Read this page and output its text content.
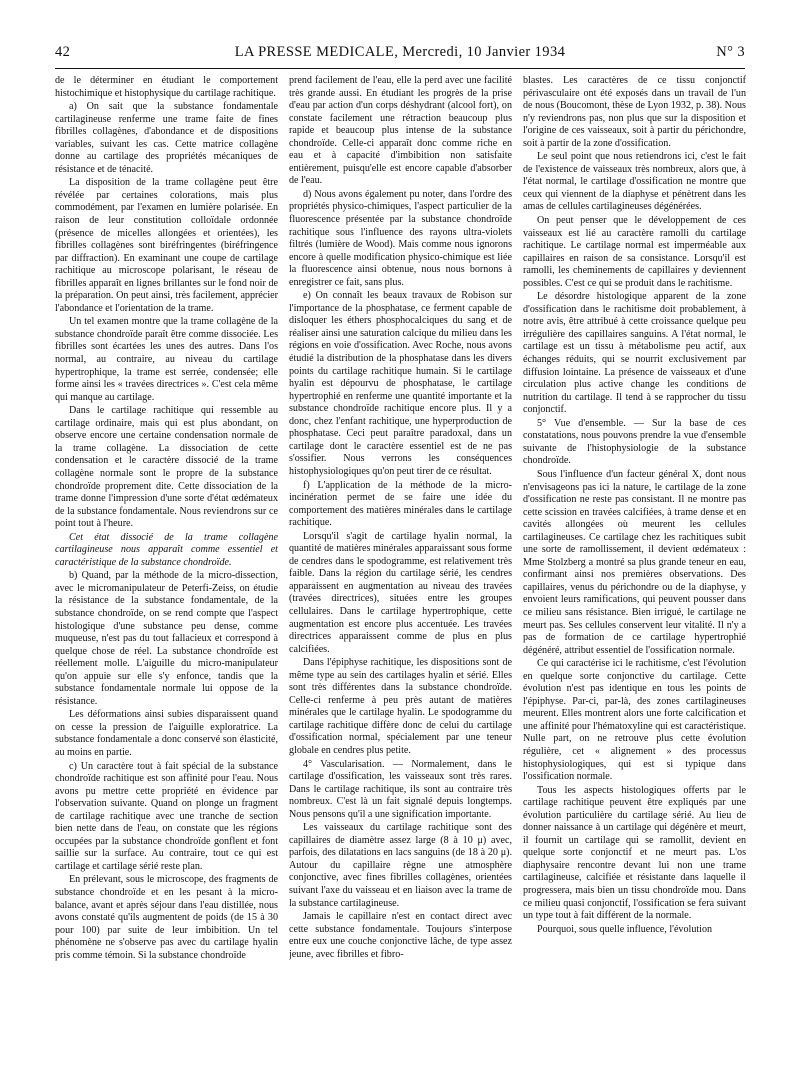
42	LA PRESSE MEDICALE, Mercredi, 10 Janvier 1934	N° 3

de le déterminer en étudiant le comportement histochimique et histophysique du cartilage rachitique.

a) On sait que la substance fondamentale cartilagineuse renferme une trame faite de fines fibrilles collagènes, d'abondance et de dispositions variables, suivant les cas. Cette matrice collagène donne au cartilage des propriétés mécaniques de résistance et de ténacité.

La disposition de la trame collagène peut être révélée par certaines colorations, mais plus commodément, par l'examen en lumière polarisée. En raison de leur constitution colloïdale ordonnée (présence de micelles allongées et orientées), les fibrilles collagènes sont biréfringentes (biréfringence par diffraction). En examinant une coupe de cartilage rachitique au microscope polarisant, le réseau de fibrilles apparaît en lignes brillantes sur le fond noir de la préparation. On peut ainsi, très facilement, apprécier l'abondance et l'orientation de la trame.

Un tel examen montre que la trame collagène de la substance chondroïde paraît être comme dissociée. Les fibrilles sont écartées les unes des autres. Dans l'os normal, au contraire, au niveau du cartilage hypertrophique, la trame est serrée, condensée; elle forme ainsi les « travées directrices ». C'est cela même qui manque au cartilage.

Dans le cartilage rachitique qui ressemble au cartilage ordinaire, mais qui est plus abondant, on observe encore une certaine condensation normale de la trame collagène. La dissociation de cette condensation et le caractère dissocié de la trame collagène normale sont le propre de la substance chondroïde proprement dite. Cette dissociation de la trame donne l'impression d'une sorte d'état œdémateux de la substance fondamentale. Nous reviendrons sur ce point tout à l'heure.

Cet état dissocié de la trame collagène cartilagineuse nous apparaît comme essentiel et caractéristique de la substance chondroïde.

b) Quand, par la méthode de la micro-dissection, avec le micromanipulateur de Peterfi-Zeiss, on étudie la résistance de la substance fondamentale, de la substance chondroïde, on se rend compte que l'aspect histologique d'une substance peu dense, comme muqueuse, n'est pas du tout fallacieux et correspond à quelque chose de réel. La substance chondroïde est réellement molle. L'aiguille du micro-manipulateur qu'on appuie sur elle s'y enfonce, tandis que la substance fondamentale normale lui oppose de la résistance.

Les déformations ainsi subies disparaissent quand on cesse la pression de l'aiguille exploratrice. La substance fondamentale a donc conservé son élasticité, au moins en partie.

c) Un caractère tout à fait spécial de la substance chondroïde rachitique est son affinité pour l'eau. Nous avons pu mettre cette propriété en évidence par l'observation suivante. Quand on plonge un fragment de cartilage rachitique avec une tranche de section bien nette dans de l'eau, on constate que les régions occupées par la substance chondroïde gonflent et font saillie sur la surface. Au contraire, tout ce qui est cartilage et cartilage sérié reste plan.

En prélevant, sous le microscope, des fragments de substance chondroïde et en les pesant à la micro-balance, avant et après séjour dans l'eau distillée, nous avons constaté qu'ils augmentent de poids (de 15 à 30 pour 100) par suite de leur imbibition. Un tel phénomène ne s'observe pas avec du cartilage hyalin pris comme témoin. Si la substance chondroïde

prend facilement de l'eau, elle la perd avec une facilité très grande aussi. En étudiant les progrès de la prise d'eau par action d'un corps déshydrant (alcool fort), on constate facilement une rétraction beaucoup plus rapide et beaucoup plus intense de la substance chondroïde. Celle-ci apparaît donc comme riche en eau et à capacité d'imbibition non satisfaite entièrement, puisqu'elle est encore capable d'absorber de l'eau.

d) Nous avons également pu noter, dans l'ordre des propriétés physico-chimiques, l'aspect particulier de la fluorescence présentée par la substance chondroïde rachitique sous l'influence des rayons ultra-violets filtrés (lumière de Wood). Mais comme nous ignorons encore à quelle modification physico-chimique est liée la fluorescence ainsi obtenue, nous nous bornons à enregistrer ce fait, sans plus.

e) On connaît les beaux travaux de Robison sur l'importance de la phosphatase, ce ferment capable de disloquer les éthers phosphocalciques du sang et de réaliser ainsi une saturation calcique du milieu dans les régions en voie d'ossification. Avec Roche, nous avons étudié la distribution de la phosphatase dans les divers points du cartilage rachitique humain. Si le cartilage hyalin est dépourvu de phosphatase, le cartilage hypertrophié en renferme une quantité importante et la substance chondroïde rachitique encore plus. Il y a donc, chez l'enfant rachitique, une hyperproduction de phosphatase. Ceci peut paraître paradoxal, dans un cartilage dont le caractère essentiel est de ne pas s'ossifier. Nous verrons les conséquences histophysiologiques qu'on peut tirer de ce résultat.

f) L'application de la méthode de la micro-incinération permet de se faire une idée du comportement des matières minérales dans le cartilage rachitique.

Lorsqu'il s'agit de cartilage hyalin normal, la quantité de matières minérales apparaissant sous forme de cendres dans le spodogramme, est relativement très faible. Dans la région du cartilage sérié, les cendres apparaissent en augmentation au niveau des travées (travées directrices), situées entre les groupes cellulaires. Dans le cartilage hypertrophique, cette augmentation est encore plus accentuée. Les travées directrices apparaissent comme de plus en plus calcifiées.

Dans l'épiphyse rachitique, les dispositions sont de même type au sein des cartilages hyalin et sérié. Elles sont très différentes dans la substance chondroïde. Celle-ci renferme à peu près autant de matières minérales que le cartilage hyalin. Le spodogramme du cartilage rachitique diffère donc de celui du cartilage d'ossification normal, spécialement par une teneur globale en cendres plus petite.

4° Vascularisation. — Normalement, dans le cartilage d'ossification, les vaisseaux sont très rares. Dans le cartilage rachitique, ils sont au contraire très nombreux. C'est là un fait signalé depuis longtemps. Nous pensons qu'il a une signification importante.

Les vaisseaux du cartilage rachitique sont des capillaires de diamètre assez large (8 à 10 μ) avec, parfois, des dilatations en lacs sanguins (de 18 à 20 μ). Autour du capillaire règne une atmosphère conjonctive, avec fines fibrilles collagènes, orientées suivant l'axe du vaisseau et en liaison avec la trame de la substance cartilagineuse.

Jamais le capillaire n'est en contact direct avec cette substance fondamentale. Toujours s'interpose entre eux une couche conjonctive lâche, de type assez jeune, avec fibrilles et fibro-

blastes. Les caractères de ce tissu conjonctif périvasculaire ont été exposés dans un travail de l'un de nous (Boucomont, thèse de Lyon 1932, p. 38). Nous n'y reviendrons pas, non plus que sur la disposition et l'origine de ces vaisseaux, soit à partir du périchondre, soit à partir de la zone d'ossification.

Le seul point que nous retiendrons ici, c'est le fait de l'existence de vaisseaux très nombreux, alors que, à l'état normal, le cartilage d'ossification ne montre que ceux qui viennent de la diaphyse et pénètrent dans les amas de cellules cartilagineuses dégénérées.

On peut penser que le développement de ces vaisseaux est lié au caractère ramolli du cartilage rachitique. Le cartilage normal est imperméable aux capillaires en raison de sa consistance. Lorsqu'il est ramolli, les cheminements de capillaires y deviennent possibles. C'est ce qui se produit dans le rachitisme.

Le désordre histologique apparent de la zone d'ossification dans le rachitisme doit probablement, à notre avis, être attribué à cette croissance quelque peu irrégulière des capillaires sanguins. A l'état normal, le cartilage est un tissu à métabolisme peu actif, aux échanges réduits, qui se nourrit exclusivement par diffusion lointaine. La présence de vaisseaux et d'une circulation plus active change les conditions de nutrition du cartilage. Il tend à se rapprocher du tissu conjonctif.

5° Vue d'ensemble. — Sur la base de ces constatations, nous pouvons prendre la vue d'ensemble suivante de l'histophysiologie de la substance chondroïde.

Sous l'influence d'un facteur général X, dont nous n'envisageons pas ici la nature, le cartilage de la zone d'ossification ne reste pas consistant. Il ne montre pas cette scission en travées calcifiées, à trame dense et en cavités allongées où meurent les cellules cartilagineuses. Ce cartilage chez les rachitiques subit une sorte de ramollissement, il devient œdémateux : Mme Stolzberg a montré sa plus grande teneur en eau, confirmant ainsi nos premières observations. Des capillaires, venus du périchondre ou de la diaphyse, y envoient leurs ramifications, qui peuvent pousser dans ce milieu sans résistance. Bien irrigué, le cartilage ne meurt pas. Ses cellules conservent leur vitalité. Il n'y a pas de formation de ce cartilage hypertrophié dégénéré, attribut essentiel de l'ossification normale.

Ce qui caractérise ici le rachitisme, c'est l'évolution en quelque sorte conjonctive du cartilage. Cette évolution n'est pas identique en tous les points de l'épiphyse. Par-ci, par-là, des zones cartilagineuses meurent. Elles montrent alors une forte calcification et une affinité pour l'hématoxyline qui est caractéristique. Nulle part, on ne retrouve plus cette évolution régulière, cet « alignement » des processus histophysiologiques, qui est si typique dans l'ossification normale.

Tous les aspects histologiques offerts par le cartilage rachitique peuvent être expliqués par une évolution particulière du cartilage sérié. Au lieu de donner naissance à un cartilage qui dégénère et meurt, il fournit un cartilage qui se ramollit, devient en quelque sorte conjonctif et ne meurt pas. L'os diaphysaire rencontre devant lui non une trame cartilagineuse, calcifiée et résistante dans laquelle il progressera, mais bien un tissu chondroïde mou. Dans ce milieu quasi conjonctif, l'ossification se fera suivant un type tout à fait différent de la normale.

Pourquoi, sous quelle influence, l'évolution
